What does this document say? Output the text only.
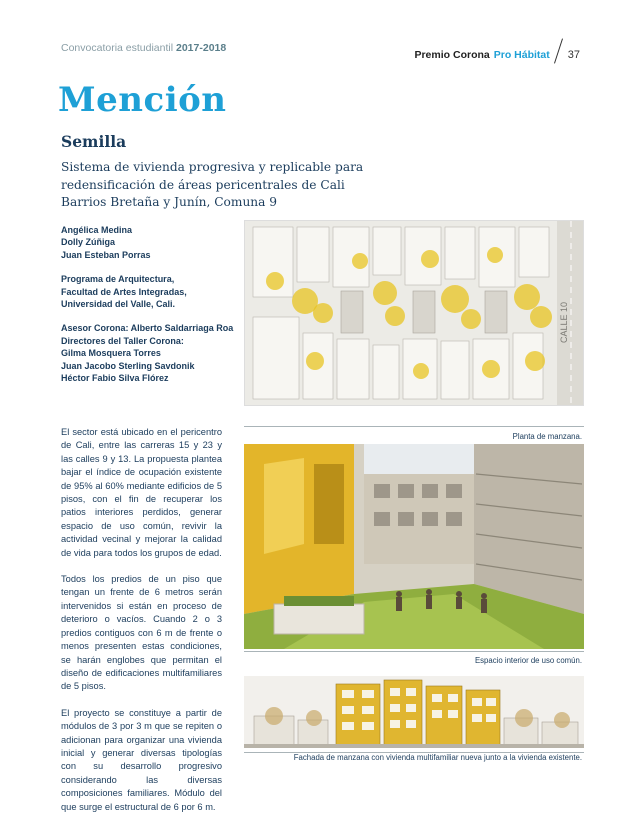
Convocatoria estudiantil 2017-2018
Premio Corona Pro Hábitat 37
Mención
Semilla
Sistema de vivienda progresiva y replicable para redensificación de áreas pericentrales de Cali Barrios Bretaña y Junín, Comuna 9
Angélica Medina
Dolly Zúñiga
Juan Esteban Porras
Programa de Arquitectura,
Facultad de Artes Integradas,
Universidad del Valle, Cali.
Asesor Corona: Alberto Saldarriaga Roa
Directores del Taller Corona:
Gilma Mosquera Torres
Juan Jacobo Sterling Savdonik
Héctor Fabio Silva Flórez
CALLE 10
Planta de manzana.
Espacio interior de uso común.
Fachada de manzana con vivienda multifamiliar nueva junto a la vivienda existente.

El sector está ubicado en el pericentro de Cali, entre las carreras 15 y 23 y las calles 9 y 13. La propuesta plantea bajar el índice de ocupación existente de 95% al 60% mediante edificios de 5 pisos, con el fin de recuperar los patios interiores perdidos, generar espacio de uso común, revivir la actividad vecinal y mejorar la calidad de vida para todos los grupos de edad.

Todos los predios de un piso que tengan un frente de 6 metros serán intervenidos si están en proceso de deterioro o vacíos. Cuando 2 o 3 predios contiguos con 6 m de frente o menos presenten estas condiciones, se harán englobes que permitan el diseño de edificaciones multifamiliares de 5 pisos.

El proyecto se constituye a partir de módulos de 3 por 3 m que se repiten o adicionan para organizar una vivienda inicial y generar diversas tipologías con su desarrollo progresivo considerando las diversas composiciones familiares. Módulo del que surge el estructural de 6 por 6 m.
